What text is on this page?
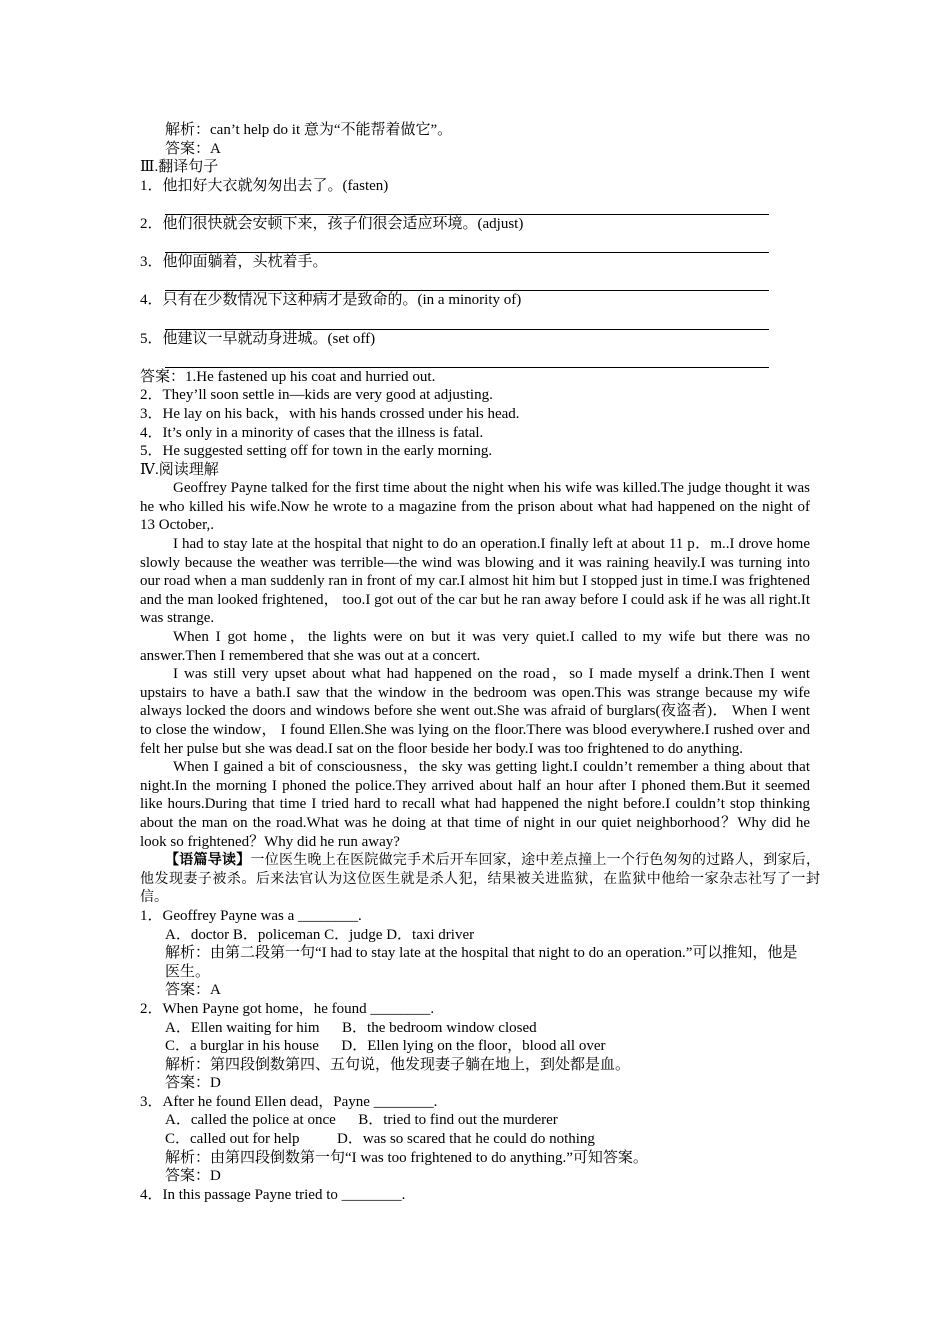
解析：can’t help do it 意为“不能帮着做它”。
答案：A
Ⅲ.翻译句子
1．他扣好大衣就匆匆出去了。(fasten)
2．他们很快就会安顿下来，孩子们很会适应环境。(adjust)
3．他仰面躺着，头枕着手。
4．只有在少数情况下这种病才是致命的。(in a minority of)
5．他建议一早就动身进城。(set off)
答案：1.He fastened up his coat and hurried out.
2．They’ll soon settle in—kids are very good at adjusting.
3．He lay on his back，with his hands crossed under his head.
4．It’s only in a minority of cases that the illness is fatal.
5．He suggested setting off for town in the early morning.
Ⅳ.阅读理解
Geoffrey Payne talked for the first time about the night when his wife was killed.The judge thought it was he who killed his wife.Now he wrote to a magazine from the prison about what had happened on the night of 13 October,.
I had to stay late at the hospital that night to do an operation.I finally left at about 11 p．m..I drove home slowly because the weather was terrible—the wind was blowing and it was raining heavily.I was turning into our road when a man suddenly ran in front of my car.I almost hit him but I stopped just in time.I was frightened and the man looked frightened， too.I got out of the car but he ran away before I could ask if he was all right.It was strange.
When I got home，the lights were on but it was very quiet.I called to my wife but there was no answer.Then I remembered that she was out at a concert.
I was still very upset about what had happened on the road，so I made myself a drink.Then I went upstairs to have a bath.I saw that the window in the bedroom was open.This was strange because my wife always locked the doors and windows before she went out.She was afraid of burglars(夜盗者)． When I went to close the window， I found Ellen.She was lying on the floor.There was blood everywhere.I rushed over and felt her pulse but she was dead.I sat on the floor beside her body.I was too frightened to do anything.
When I gained a bit of consciousness，the sky was getting light.I couldn’t remember a thing about that night.In the morning I phoned the police.They arrived about half an hour after I phoned them.But it seemed like hours.During that time I tried hard to recall what had happened the night before.I couldn’t stop thinking about the man on the road.What was he doing at that time of night in our quiet neighborhood？Why did he look so frightened？Why did he run away?
【语篇导读】一位医生晚上在医院做完手术后开车回家，途中差点撞上一个行色匆匆的过路人，到家后，他发现妻子被杀。后来法官认为这位医生就是杀人犯，结果被关进监狱，在监狱中他给一家杂志社写了一封信。
1．Geoffrey Payne was a ________.
A．doctor B．policeman C．judge D．taxi driver
解析：由第二段第一句“I had to stay late at the hospital that night to do an operation.”可以推知，他是医生。
答案：A
2．When Payne got home，he found ________.
A．Ellen waiting for him      B．the bedroom window closed
C．a burglar in his house      D．Ellen lying on the floor，blood all over
解析：第四段倒数第四、五句说，他发现妻子躺在地上，到处都是血。
答案：D
3．After he found Ellen dead，Payne ________.
A．called the police at once      B．tried to find out the murderer
C．called out for help          D．was so scared that he could do nothing
解析：由第四段倒数第一句“I was too frightened to do anything.”可知答案。
答案：D
4．In this passage Payne tried to ________.
